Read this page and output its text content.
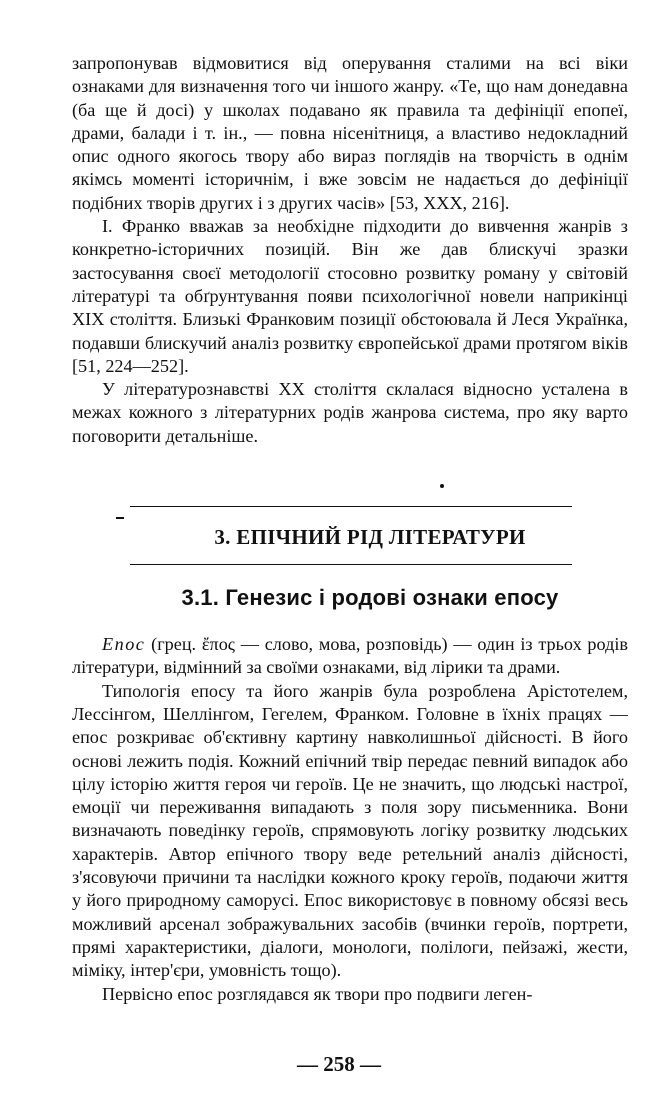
запропонував відмовитися від оперування сталими на всі віки ознаками для визначення того чи іншого жанру. «Те, що нам донедавна (ба ще й досі) у школах подавано як правила та дефініції епопеї, драми, балади і т. ін., — повна нісенітниця, а властиво недокладний опис одного якогось твору або вираз поглядів на творчість в однім якімсь моменті історичнім, і вже зовсім не надається до дефініції подібних творів других і з других часів» [53, XXX, 216].

І. Франко вважав за необхідне підходити до вивчення жанрів з конкретно-історичних позицій. Він же дав блискучі зразки застосування своєї методології стосовно розвитку роману у світовій літературі та обґрунтування появи психологічної новели наприкінці XIX століття. Близькі Франковим позиції обстоювала й Леся Українка, подавши блискучий аналіз розвитку європейської драми протягом віків [51, 224—252].

У літературознавстві XX століття склалася відносно усталена в межах кожного з літературних родів жанрова система, про яку варто поговорити детальніше.

3. ЕПІЧНИЙ РІД ЛІТЕРАТУРИ
3.1. Генезис і родові ознаки епосу

Епос (грец. ἔπος — слово, мова, розповідь) — один із трьох родів літератури, відмінний за своїми ознаками, від лірики та драми.

Типологія епосу та його жанрів була розроблена Арістотелем, Лессінгом, Шеллінгом, Гегелем, Франком. Головне в їхніх працях — епос розкриває об'єктивну картину навколишньої дійсності. В його основі лежить подія. Кожний епічний твір передає певний випадок або цілу історію життя героя чи героїв. Це не значить, що людські настрої, емоції чи переживання випадають з поля зору письменника. Вони визначають поведінку героїв, спрямовують логіку розвитку людських характерів. Автор епічного твору веде ретельний аналіз дійсності, з'ясовуючи причини та наслідки кожного кроку героїв, подаючи життя у його природному саморусі. Епос використовує в повному обсязі весь можливий арсенал зображувальних засобів (вчинки героїв, портрети, прямі характеристики, діалоги, монологи, полілоги, пейзажі, жести, міміку, інтер'єри, умовність тощо).

Первісно епос розглядався як твори про подвиги леген-

— 258 —
